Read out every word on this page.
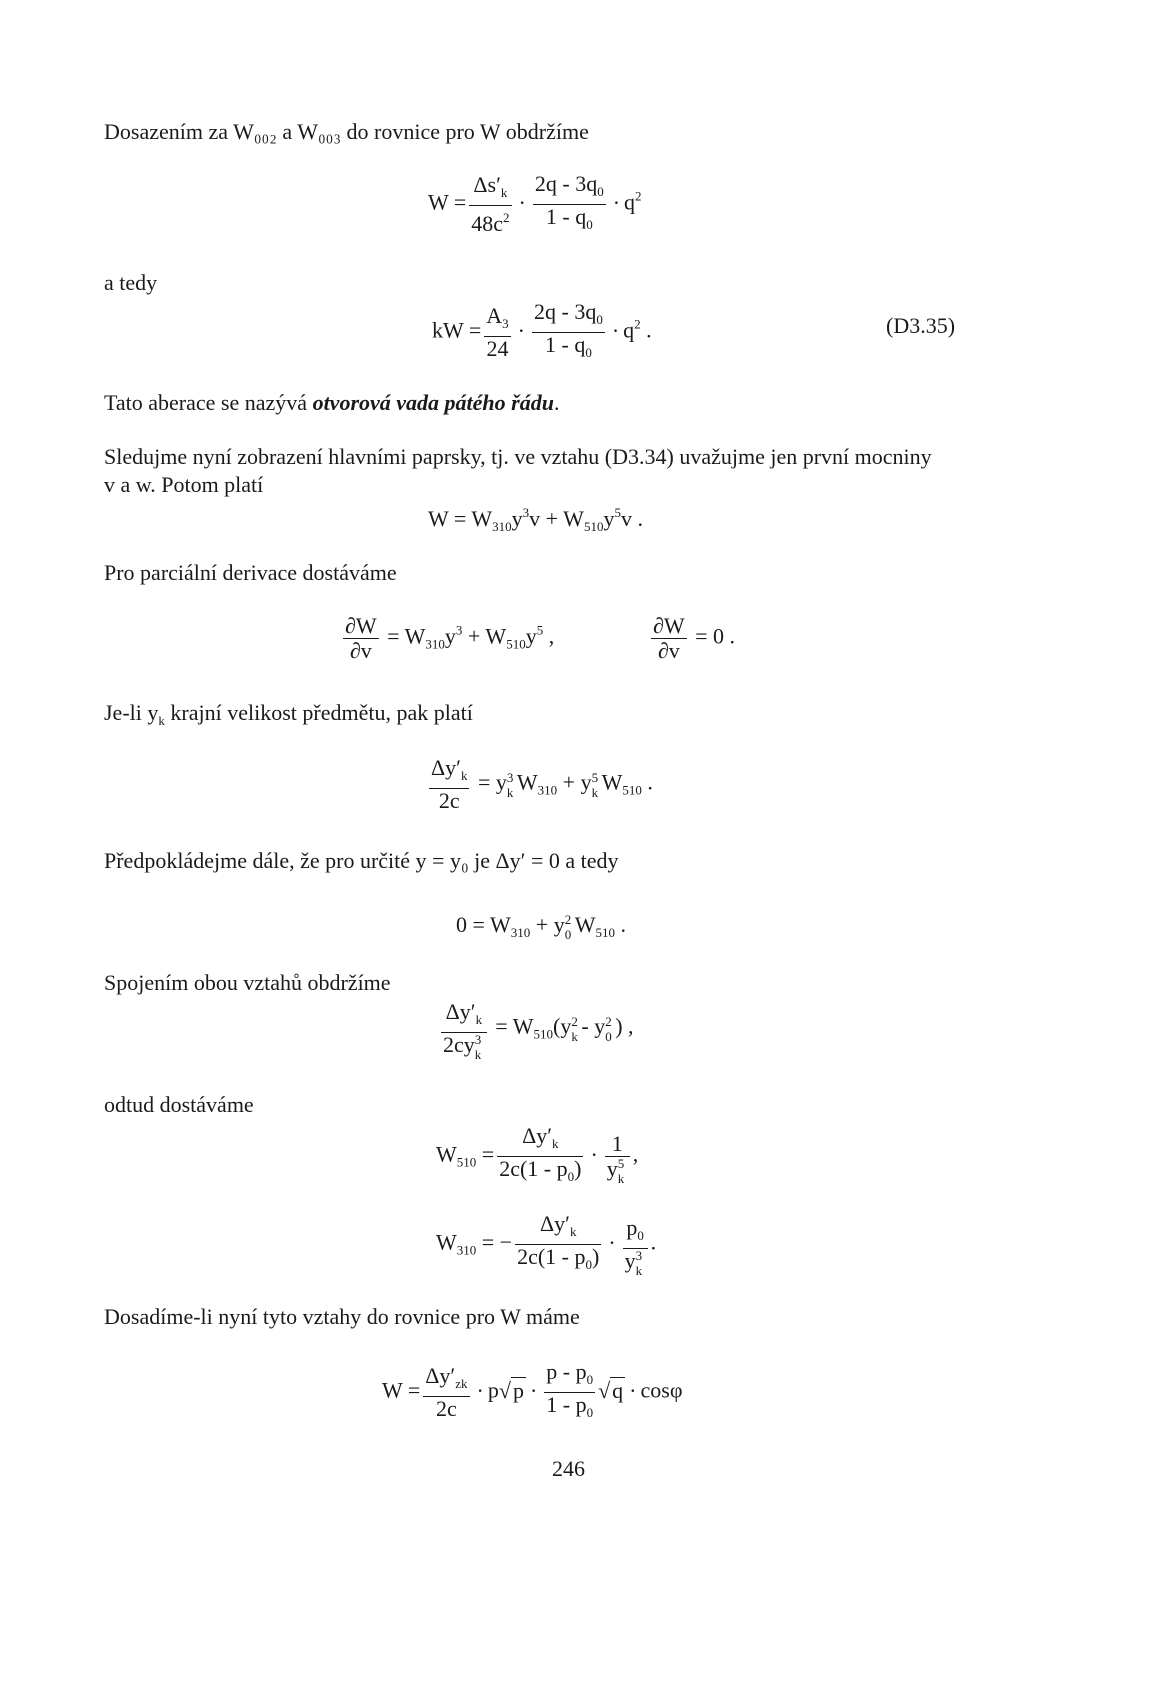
Dosazením za W₀₀₂ a W₀₀₃ do rovnice pro W obdržíme
$W = \frac{\Delta s'_k}{48c^2} \cdot \frac{2q - 3q_0}{1 - q_0} \cdot q^2$
a tedy
kW = $\frac{A_3}{24} \cdot \frac{2q - 3q_0}{1 - q_0} \cdot q^2$ .	(D3.35)
Tato aberace se nazývá otvorová vada pátého řádu.
Sledujme nyní zobrazení hlavními paprsky, tj. ve vztahu (D3.34) uvažujme jen první mocniny
v a w. Potom platí
$W = W_{310}y^3v + W_{510}y^5v$ .
Pro parciální derivace dostáváme
$\frac{\partial W}{\partial v} = W_{310}y^3 + W_{510}y^5$ ,	$\frac{\partial W}{\partial v} = 0$ .
Je-li $y_k$ krajní velikost předmětu, pak platí
$\frac{\Delta y'_k}{2c} = y$ 3
k $W_{310} + y$ 5
k $W_{510}$ .
Předpokládejme dále, že pro určité y = y₀ je Δy′ = 0 a tedy
$0 = W_{310} + y$ 2
0 $W_{510}$ .
Spojením obou vztahů obdržíme
$\Delta y'_k$
2cy 3
$k = W_{510}(y$ 2
k - y 2
0 ) ,
odtud dostáváme
$W_{510} = \frac{\Delta y'_k}{2c(1 - p_0)} \cdot 1$
y 5
k ,
$W_{310}$ = − $\frac{\Delta y'_k}{2c(1 - p_0)} \cdot p_0$
y 3
k .
Dosadíme-li nyní tyto vztahy do rovnice pro W máme
$W = \frac{\Delta y'_{zk}}{2c} \cdot p√p \cdot \frac{p - p_0}{1 - p_0} √q \cdot \cos\varphi$
246
